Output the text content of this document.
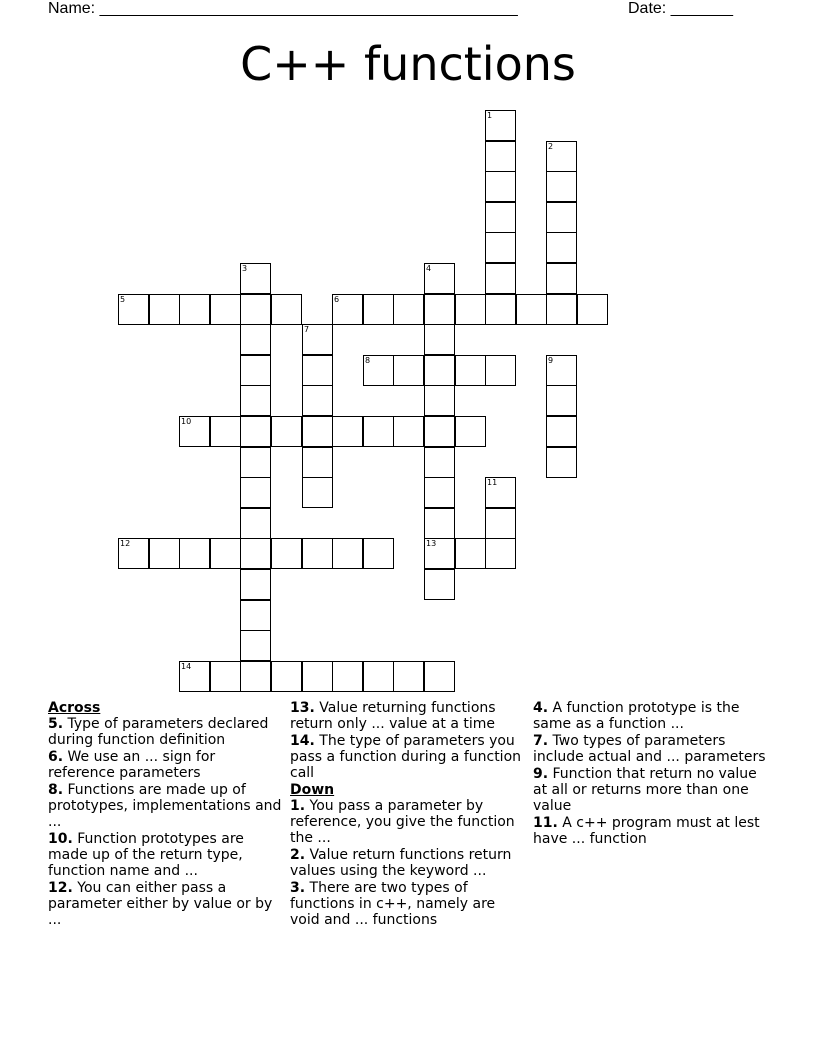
Name: _______________________________________________	Date: _______
C++ functions
1
2
3	4
13
5	6
7
8	9
10
11
12
14
Across
5. Type of parameters declared during function definition
6. We use an ... sign for reference parameters
8. Functions are made up of prototypes, implementations and ...
10. Function prototypes are made up of the return type, function name and ...
12. You can either pass a parameter either by value or by ...
13. Value returning functions return only ... value at a time
14. The type of parameters you pass a function during a function call
Down
1. You pass a parameter by reference, you give the function the ...
2. Value return functions return values using the keyword ...
3. There are two types of functions in c++, namely are void and ... functions
4. A function prototype is the same as a function ...
7. Two types of parameters include actual and ... parameters
9. Function that return no value at all or returns more than one value
11. A c++ program must at lest have ... function
